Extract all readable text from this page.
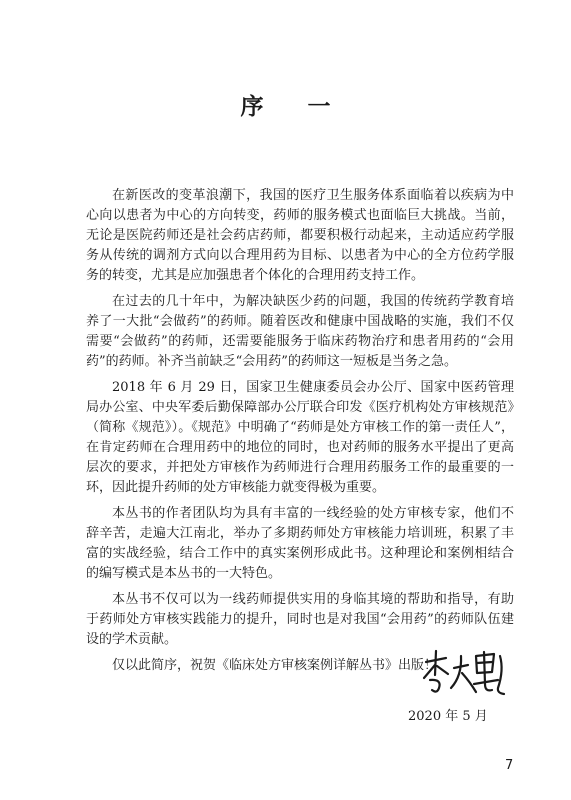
序一

在新医改的变革浪潮下，我国的医疗卫生服务体系面临着以疾病为中心向以患者为中心的方向转变，药师的服务模式也面临巨大挑战。当前，无论是医院药师还是社会药店药师，都要积极行动起来，主动适应药学服务从传统的调剂方式向以合理用药为目标、以患者为中心的全方位药学服务的转变，尤其是应加强患者个体化的合理用药支持工作。

在过去的几十年中，为解决缺医少药的问题，我国的传统药学教育培养了一大批“会做药”的药师。随着医改和健康中国战略的实施，我们不仅需要“会做药”的药师，还需要能服务于临床药物治疗和患者用药的“会用药”的药师。补齐当前缺乏“会用药”的药师这一短板是当务之急。

2018 年 6 月 29 日，国家卫生健康委员会办公厅、国家中医药管理局办公室、中央军委后勤保障部办公厅联合印发《医疗机构处方审核规范》（简称《规范》）。《规范》中明确了“药师是处方审核工作的第一责任人”，在肯定药师在合理用药中的地位的同时，也对药师的服务水平提出了更高层次的要求，并把处方审核作为药师进行合理用药服务工作的最重要的一环，因此提升药师的处方审核能力就变得极为重要。

本丛书的作者团队均为具有丰富的一线经验的处方审核专家，他们不辞辛苦，走遍大江南北，举办了多期药师处方审核能力培训班，积累了丰富的实战经验，结合工作中的真实案例形成此书。这种理论和案例相结合的编写模式是本丛书的一大特色。

本丛书不仅可以为一线药师提供实用的身临其境的帮助和指导，有助于药师处方审核实践能力的提升，同时也是对我国“会用药”的药师队伍建设的学术贡献。

仅以此简序，祝贺《临床处方审核案例详解丛书》出版！

2020 年 5 月
7
